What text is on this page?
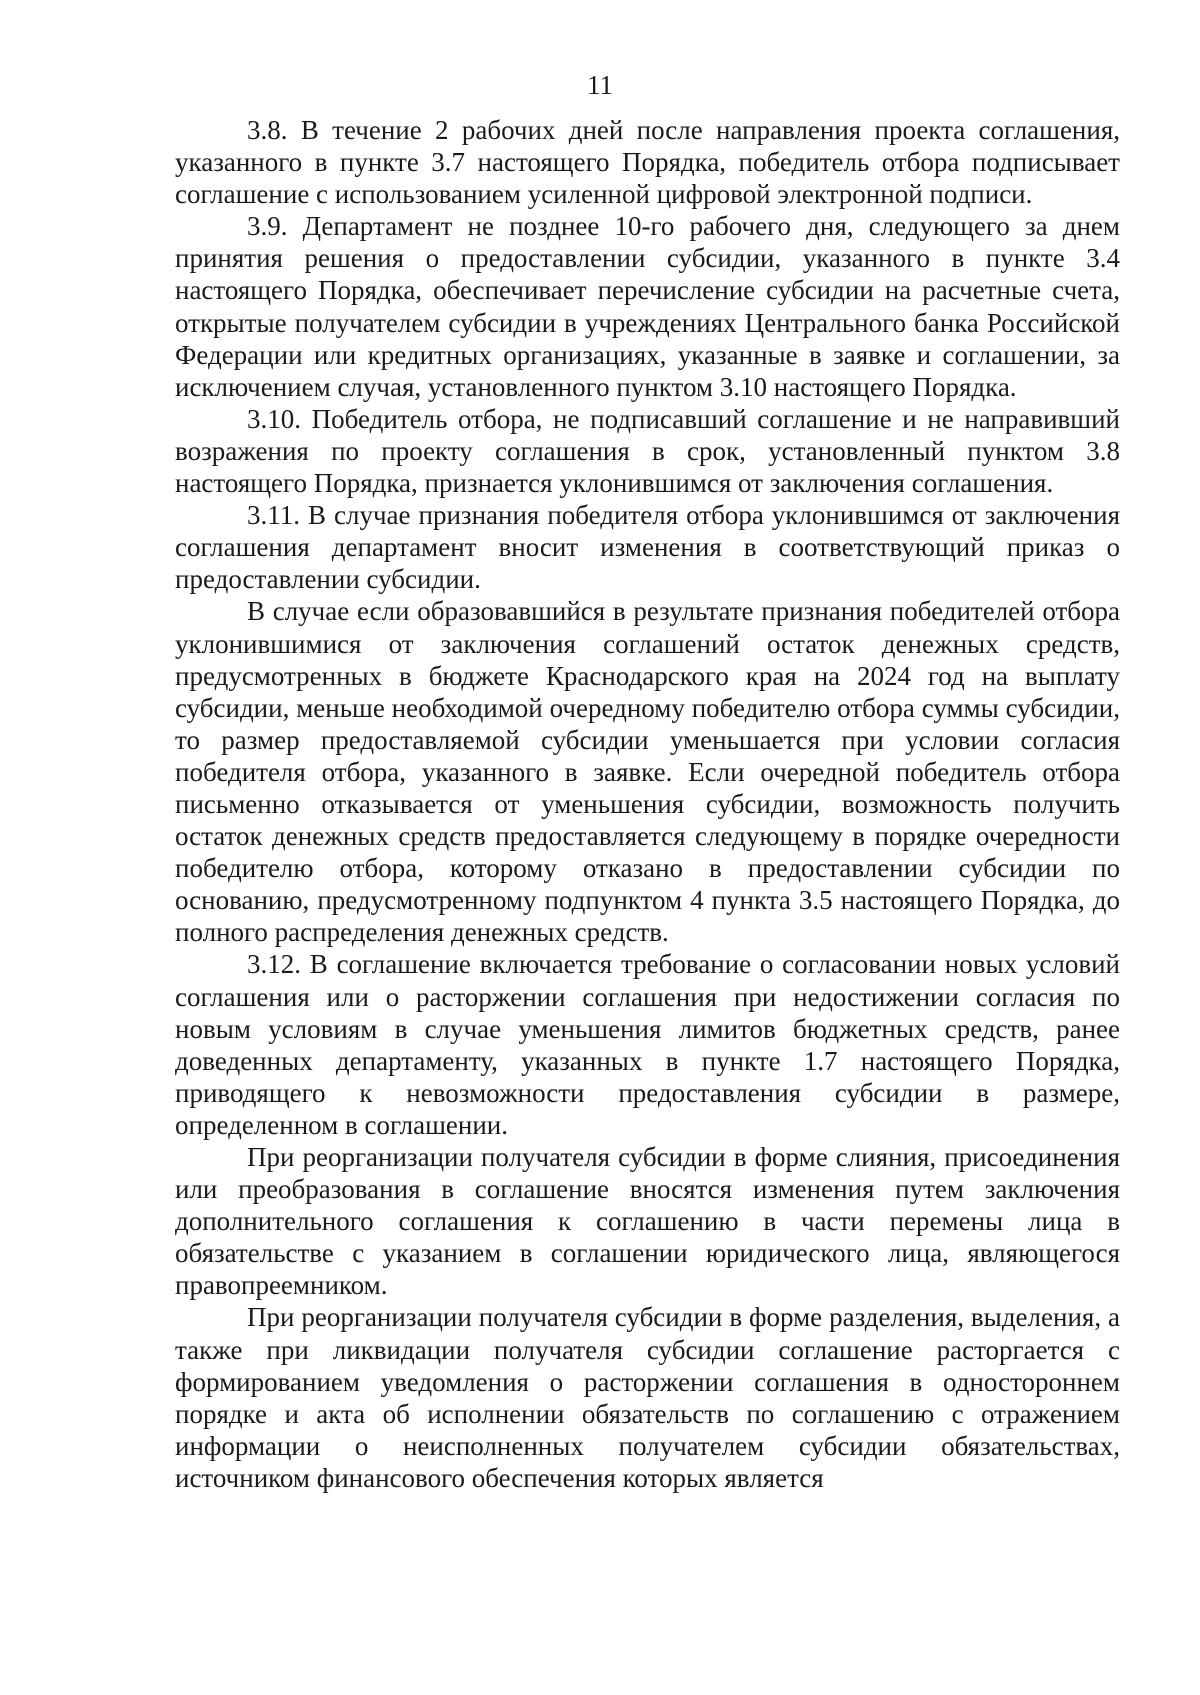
11

3.8. В течение 2 рабочих дней после направления проекта соглашения, указанного в пункте 3.7 настоящего Порядка, победитель отбора подписывает соглашение с использованием усиленной цифровой электронной подписи.

3.9. Департамент не позднее 10-го рабочего дня, следующего за днем принятия решения о предоставлении субсидии, указанного в пункте 3.4 настоящего Порядка, обеспечивает перечисление субсидии на расчетные счета, открытые получателем субсидии в учреждениях Центрального банка Российской Федерации или кредитных организациях, указанные в заявке и соглашении, за исключением случая, установленного пунктом 3.10 настоящего Порядка.

3.10. Победитель отбора, не подписавший соглашение и не направивший возражения по проекту соглашения в срок, установленный пунктом 3.8 настоящего Порядка, признается уклонившимся от заключения соглашения.

3.11. В случае признания победителя отбора уклонившимся от заключения соглашения департамент вносит изменения в соответствующий приказ о предоставлении субсидии.

В случае если образовавшийся в результате признания победителей отбора уклонившимися от заключения соглашений остаток денежных средств, предусмотренных в бюджете Краснодарского края на 2024 год на выплату субсидии, меньше необходимой очередному победителю отбора суммы субсидии, то размер предоставляемой субсидии уменьшается при условии согласия победителя отбора, указанного в заявке. Если очередной победитель отбора письменно отказывается от уменьшения субсидии, возможность получить остаток денежных средств предоставляется следующему в порядке очередности победителю отбора, которому отказано в предоставлении субсидии по основанию, предусмотренному подпунктом 4 пункта 3.5 настоящего Порядка, до полного распределения денежных средств.

3.12. В соглашение включается требование о согласовании новых условий соглашения или о расторжении соглашения при недостижении согласия по новым условиям в случае уменьшения лимитов бюджетных средств, ранее доведенных департаменту, указанных в пункте 1.7 настоящего Порядка, приводящего к невозможности предоставления субсидии в размере, определенном в соглашении.

При реорганизации получателя субсидии в форме слияния, присоединения или преобразования в соглашение вносятся изменения путем заключения дополнительного соглашения к соглашению в части перемены лица в обязательстве с указанием в соглашении юридического лица, являющегося правопреемником.

При реорганизации получателя субсидии в форме разделения, выделения, а также при ликвидации получателя субсидии соглашение расторгается с формированием уведомления о расторжении соглашения в одностороннем порядке и акта об исполнении обязательств по соглашению с отражением информации о неисполненных получателем субсидии обязательствах, источником финансового обеспечения которых является
